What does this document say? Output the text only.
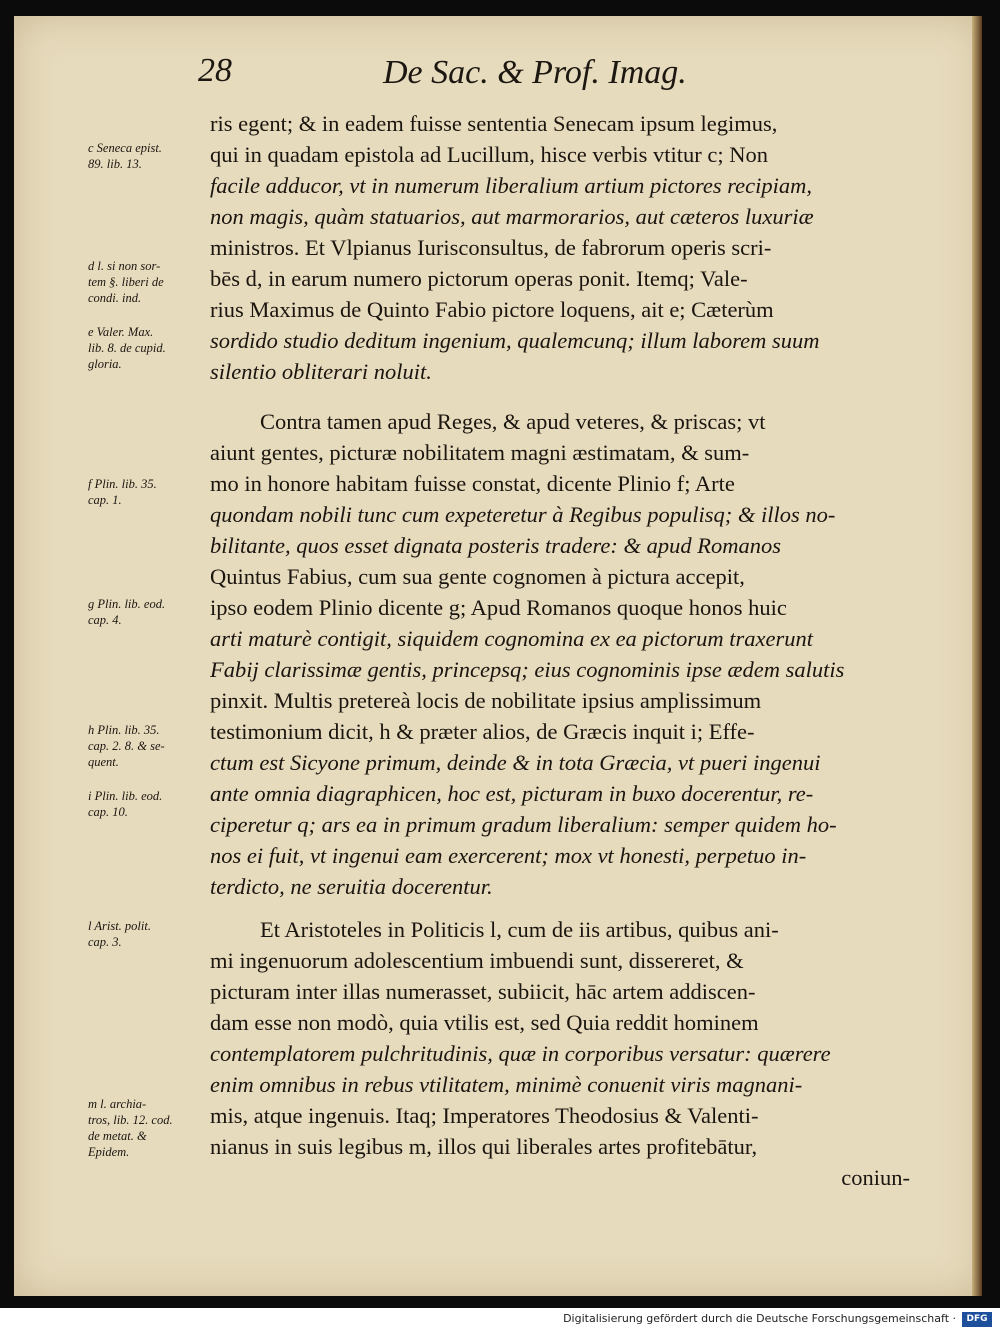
28	De Sac. & Prof. Imag.
c Seneca epist.
89. lib. 13.
d l. si non sor-
tem §. liberi de
condi. ind.
e Valer. Max.
lib. 8. de cupid.
gloria.
f Plin. lib. 35.
cap. 1.
g Plin. lib. eod.
cap. 4.
h Plin. lib. 35.
cap. 2. 8. & se-
quent.
i Plin. lib. eod.
cap. 10.
l Arist. polit.
cap. 3.
m l. archia-
tros, lib. 12. cod.
de metat. &
Epidem.
ris egent; & in eadem fuisse sententia Senecam ipsum legimus,
qui in quadam epistola ad Lucillum, hisce verbis vtitur c; Non
facile adducor, vt in numerum liberalium artium pictores recipiam,
non magis, quàm statuarios, aut marmorarios, aut cæteros luxuriæ
ministros. Et Vlpianus Iurisconsultus, de fabrorum operis scri-
bēs d, in earum numero pictorum operas ponit. Itemq; Vale-
rius Maximus de Quinto Fabio pictore loquens, ait e; Cæterùm
sordido studio deditum ingenium, qualemcunq; illum laborem suum
silentio obliterari noluit.
Contra tamen apud Reges, & apud veteres, & priscas; vt
aiunt gentes, picturæ nobilitatem magni æstimatam, & sum-
mo in honore habitam fuisse constat, dicente Plinio f; Arte
quondam nobili tunc cum expeteretur à Regibus populisq; & illos no-
bilitante, quos esset dignata posteris tradere: & apud Romanos
Quintus Fabius, cum sua gente cognomen à pictura accepit,
ipso eodem Plinio dicente g; Apud Romanos quoque honos huic
arti maturè contigit, siquidem cognomina ex ea pictorum traxerunt
Fabij clarissimæ gentis, princepsq; eius cognominis ipse ædem salutis
pinxit. Multis pretereà locis de nobilitate ipsius amplissimum
testimonium dicit, h & præter alios, de Græcis inquit i; Effe-
ctum est Sicyone primum, deinde & in tota Græcia, vt pueri ingenui
ante omnia diagraphicen, hoc est, picturam in buxo docerentur, re-
ciperetur q; ars ea in primum gradum liberalium: semper quidem ho-
nos ei fuit, vt ingenui eam exercerent; mox vt honesti, perpetuo in-
terdicto, ne seruitia docerentur.
Et Aristoteles in Politicis l, cum de iis artibus, quibus ani-
mi ingenuorum adolescentium imbuendi sunt, dissereret, &
picturam inter illas numerasset, subiicit, hāc artem addiscen-
dam esse non modò, quia vtilis est, sed Quia reddit hominem
contemplatorem pulchritudinis, quæ in corporibus versatur: quærere
enim omnibus in rebus vtilitatem, minimè conuenit viris magnani-
mis, atque ingenuis. Itaq; Imperatores Theodosius & Valenti-
nianus in suis legibus m, illos qui liberales artes profitebātur,
coniun-
Digitalisierung gefördert durch die Deutsche Forschungsgemeinschaft ·	DFG
